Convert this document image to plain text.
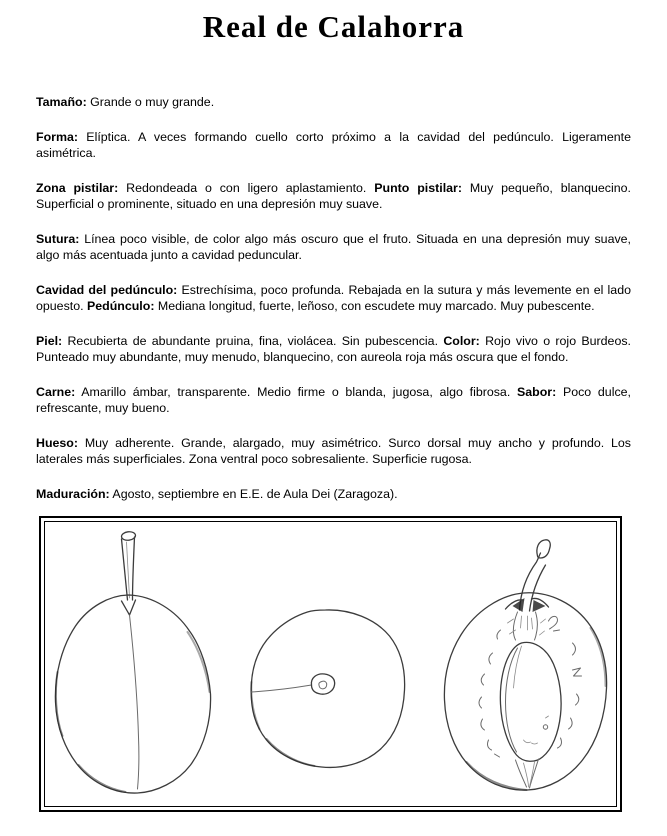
Real de Calahorra

Tamaño: Grande o muy grande.

Forma: Elíptica. A veces formando cuello corto próximo a la cavidad del pedúnculo. Ligeramente asimétrica.

Zona pistilar: Redondeada o con ligero aplastamiento. Punto pistilar: Muy pequeño, blanquecino. Superficial o prominente, situado en una depresión muy suave.

Sutura: Línea poco visible, de color algo más oscuro que el fruto. Situada en una depresión muy suave, algo más acentuada junto a cavidad peduncular.

Cavidad del pedúnculo: Estrechísima, poco profunda. Rebajada en la sutura y más levemente en el lado opuesto. Pedúnculo: Mediana longitud, fuerte, leñoso, con escudete muy marcado. Muy pubescente.

Piel: Recubierta de abundante pruina, fina, violácea. Sin pubescencia. Color: Rojo vivo o rojo Burdeos. Punteado muy abundante, muy menudo, blanquecino, con aureola roja más oscura que el fondo.

Carne: Amarillo ámbar, transparente. Medio firme o blanda, jugosa, algo fibrosa. Sabor: Poco dulce, refrescante, muy bueno.

Hueso: Muy adherente. Grande, alargado, muy asimétrico. Surco dorsal muy ancho y profundo. Los laterales más superficiales. Zona ventral poco sobresaliente. Superficie rugosa.

Maduración: Agosto, septiembre en E.E. de Aula Dei (Zaragoza).
